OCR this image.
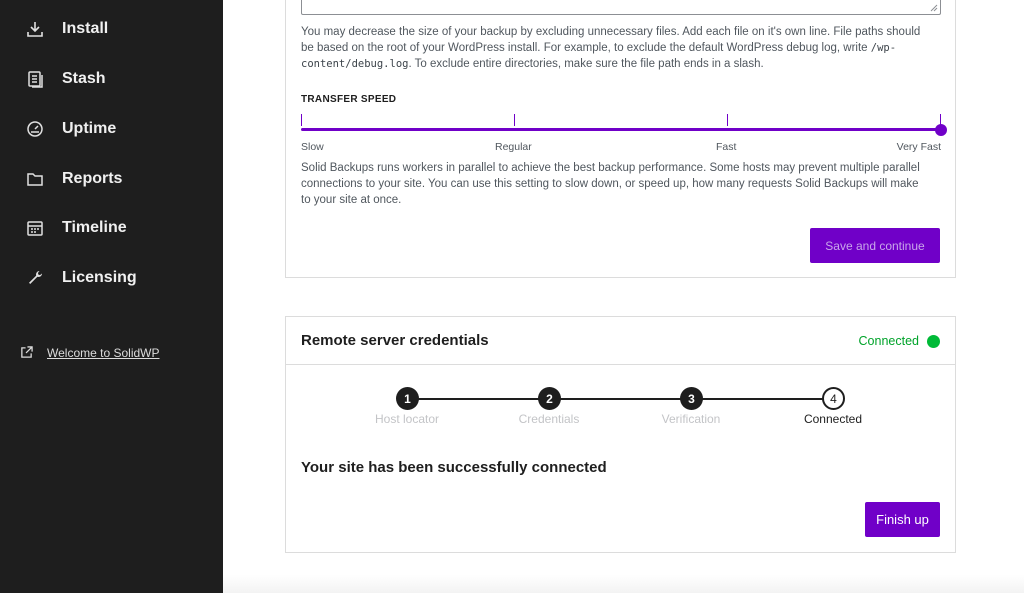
Install
Stash
Uptime
Reports
Timeline
Licensing
Welcome to SolidWP

You may decrease the size of your backup by excluding unnecessary files. Add each file on it's own line. File paths should be based on the root of your WordPress install. For example, to exclude the default WordPress debug log, write /wp-content/debug.log. To exclude entire directories, make sure the file path ends in a slash.

TRANSFER SPEED
Slow	Regular	Fast	Very Fast

Solid Backups runs workers in parallel to achieve the best backup performance. Some hosts may prevent multiple parallel connections to your site. You can use this setting to slow down, or speed up, how many requests Solid Backups will make to your site at once.

Save and continue
Remote server credentials	Connected
1	2	3	4
Host locator	Credentials	Verification	Connected

Your site has been successfully connected

Finish up
